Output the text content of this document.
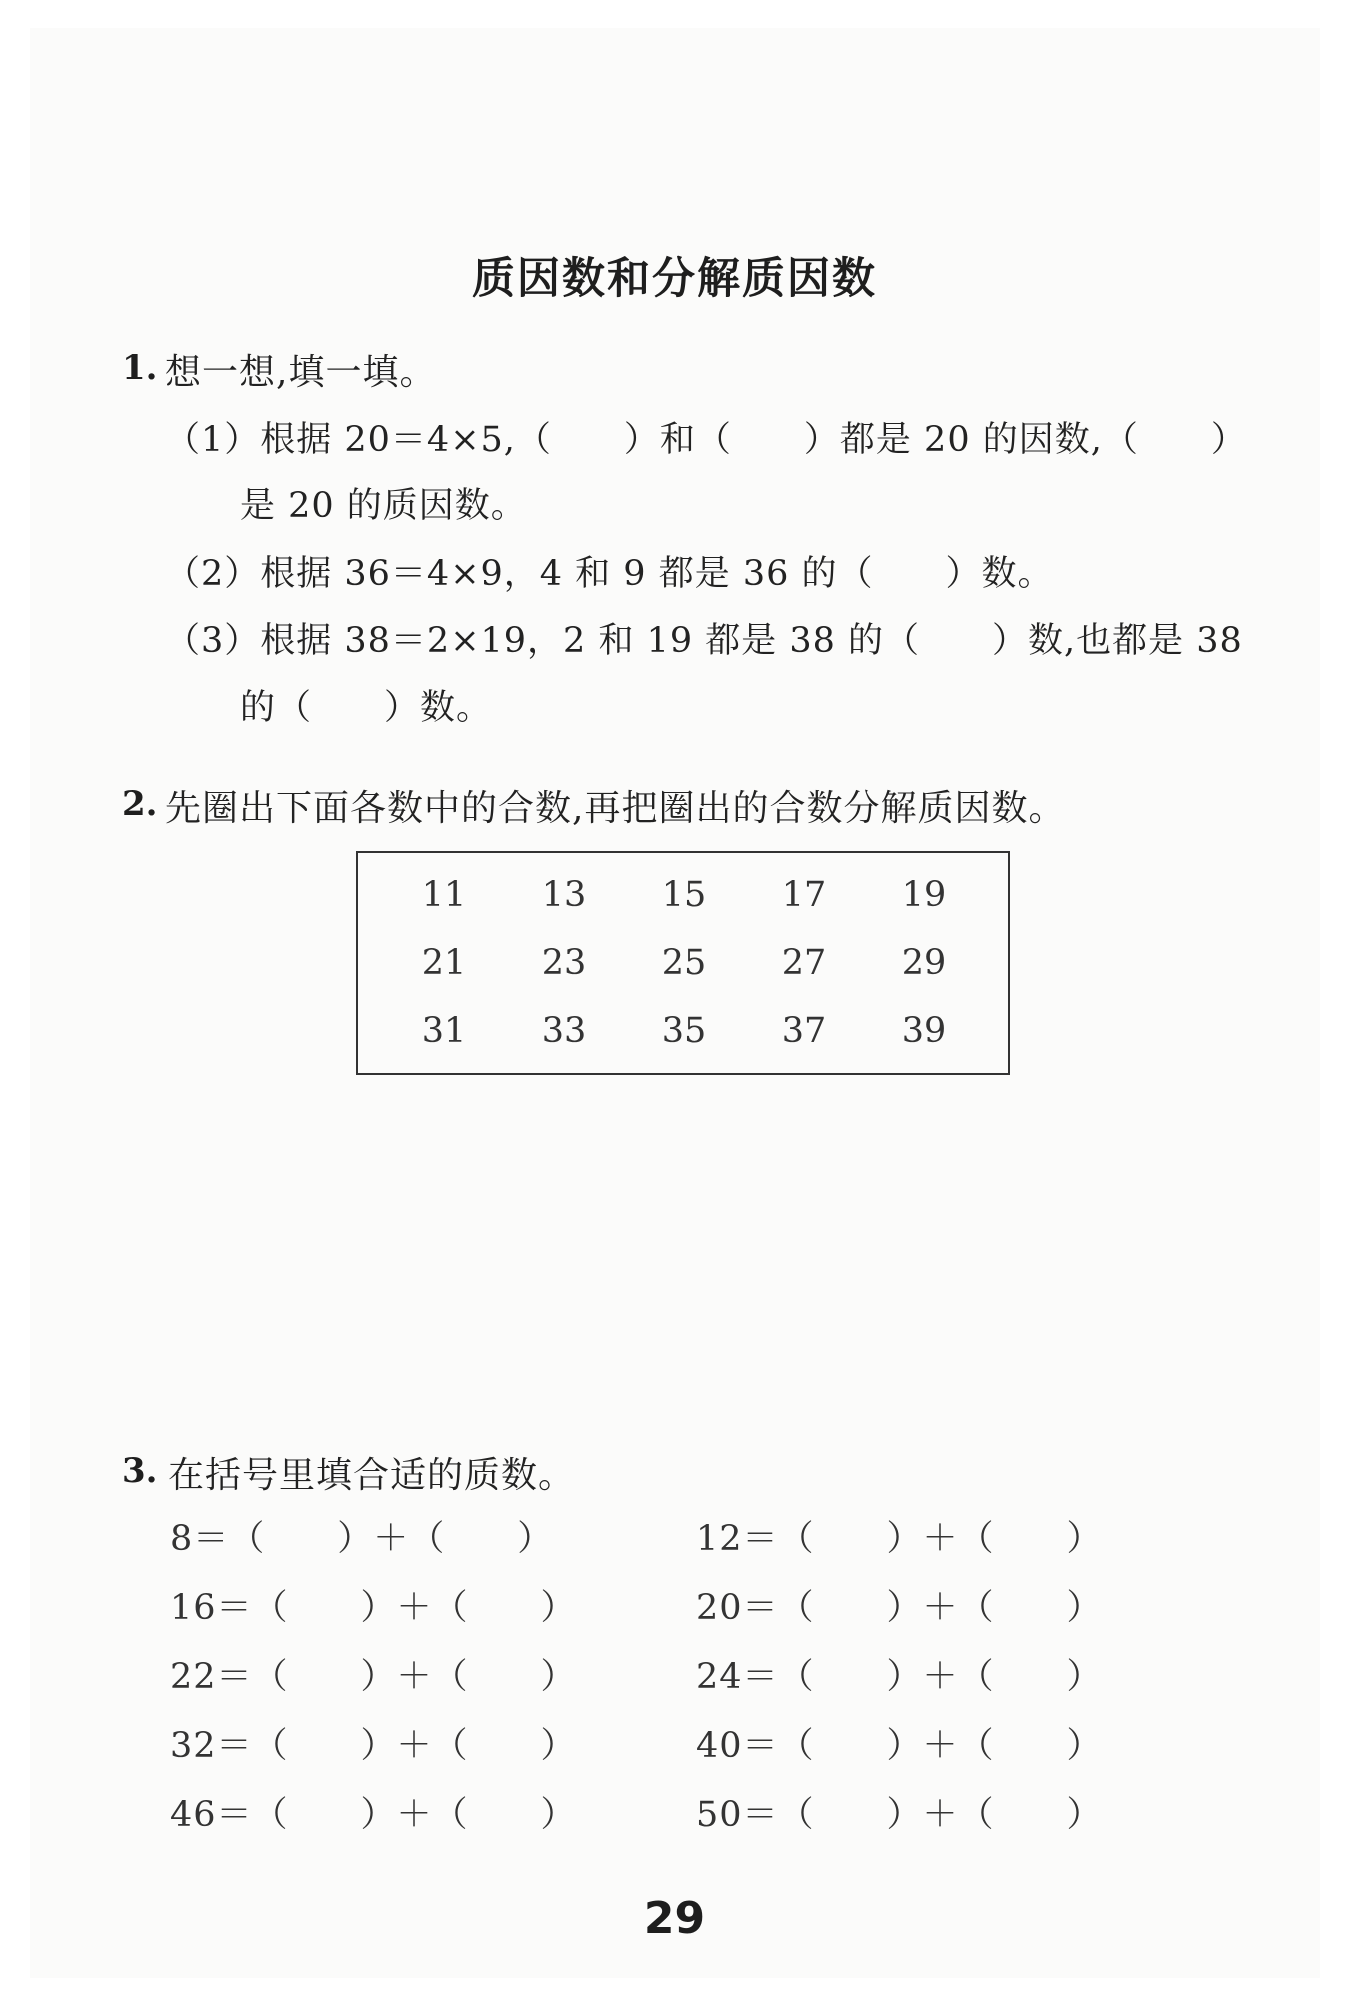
质因数和分解质因数
1. 想一想,填一填。
（1）根据 20＝4×5,（　　）和（　　）都是 20 的因数,（　　）
是 20 的质因数。
（2）根据 36＝4×9，4 和 9 都是 36 的（　　）数。
（3）根据 38＝2×19，2 和 19 都是 38 的（　　）数,也都是 38
的（　　）数。
2. 先圈出下面各数中的合数,再把圈出的合数分解质因数。
11	13	15	17	19
21	23	25	27	29
31	33	35	37	39
3. 在括号里填合适的质数。
8＝（　　）＋（　　）
16＝（　　）＋（　　）
22＝（　　）＋（　　）
32＝（　　）＋（　　）
46＝（　　）＋（　　）
12＝（　　）＋（　　）
20＝（　　）＋（　　）
24＝（　　）＋（　　）
40＝（　　）＋（　　）
50＝（　　）＋（　　）
29
